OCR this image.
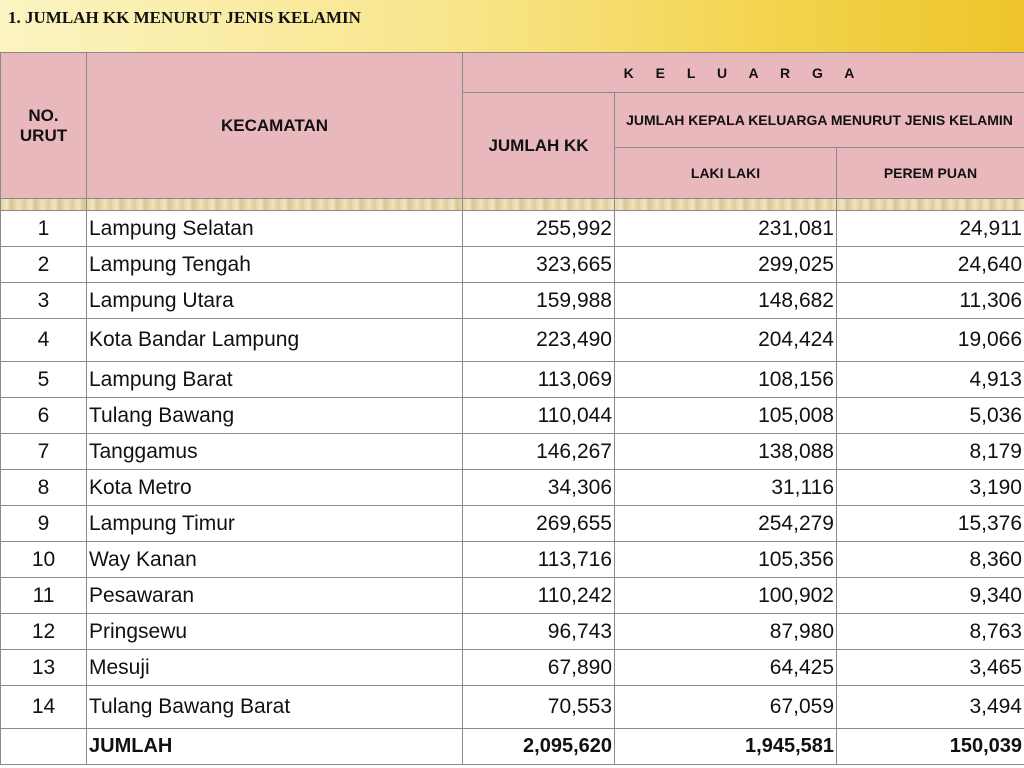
1. JUMLAH KK MENURUT JENIS KELAMIN
NO. URUT	KECAMATAN	K E L U A R G A		
		JUMLAH KK	JUMLAH KEPALA KELUARGA MENURUT JENIS KELAMIN	
			LAKI LAKI	PEREM PUAN

1	Lampung Selatan	255,992	231,081	24,911
2	Lampung Tengah	323,665	299,025	24,640
3	Lampung Utara	159,988	148,682	11,306
4	Kota Bandar Lampung	223,490	204,424	19,066
5	Lampung Barat	113,069	108,156	4,913
6	Tulang Bawang	110,044	105,008	5,036
7	Tanggamus	146,267	138,088	8,179
8	Kota Metro	34,306	31,116	3,190
9	Lampung Timur	269,655	254,279	15,376
10	Way Kanan	113,716	105,356	8,360
11	Pesawaran	110,242	100,902	9,340
12	Pringsewu	96,743	87,980	8,763
13	Mesuji	67,890	64,425	3,465
14	Tulang Bawang Barat	70,553	67,059	3,494
	JUMLAH	2,095,620	1,945,581	150,039
